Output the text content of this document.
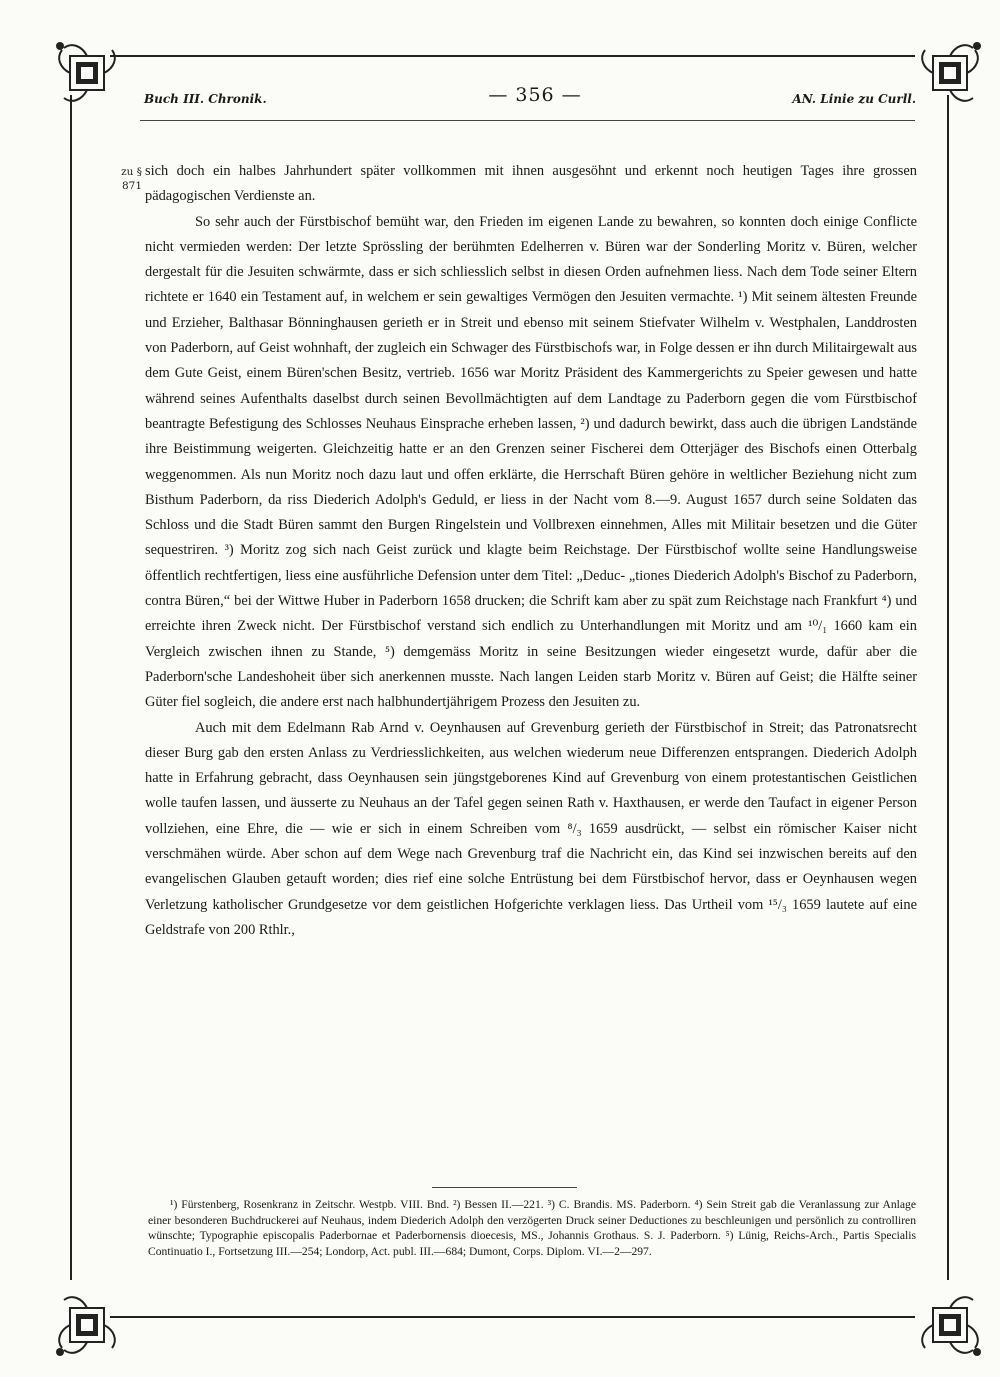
Buch III. Chronik.	— 356 —	AN. Linie zu Curll.
zu § 871

sich doch ein halbes Jahrhundert später vollkommen mit ihnen ausgesöhnt und erkennt noch heutigen Tages ihre grossen pädagogischen Verdienste an.

So sehr auch der Fürstbischof bemüht war, den Frieden im eigenen Lande zu bewahren, so konnten doch einige Conflicte nicht vermieden werden: Der letzte Sprössling der berühmten Edelherren v. Büren war der Sonderling Moritz v. Büren, welcher dergestalt für die Jesuiten schwärmte, dass er sich schliesslich selbst in diesen Orden aufnehmen liess. Nach dem Tode seiner Eltern richtete er 1640 ein Testament auf, in welchem er sein gewaltiges Vermögen den Jesuiten vermachte. ¹) Mit seinem ältesten Freunde und Erzieher, Balthasar Bönninghausen gerieth er in Streit und ebenso mit seinem Stiefvater Wilhelm v. Westphalen, Landdrosten von Paderborn, auf Geist wohnhaft, der zugleich ein Schwager des Fürstbischofs war, in Folge dessen er ihn durch Militairgewalt aus dem Gute Geist, einem Büren'schen Besitz, vertrieb. 1656 war Moritz Präsident des Kammergerichts zu Speier gewesen und hatte während seines Aufenthalts daselbst durch seinen Bevollmächtigten auf dem Landtage zu Paderborn gegen die vom Fürstbischof beantragte Befestigung des Schlosses Neuhaus Einsprache erheben lassen, ²) und dadurch bewirkt, dass auch die übrigen Landstände ihre Beistimmung weigerten. Gleichzeitig hatte er an den Grenzen seiner Fischerei dem Otterjäger des Bischofs einen Otterbalg weggenommen. Als nun Moritz noch dazu laut und offen erklärte, die Herrschaft Büren gehöre in weltlicher Beziehung nicht zum Bisthum Paderborn, da riss Diederich Adolph's Geduld, er liess in der Nacht vom 8.—9. August 1657 durch seine Soldaten das Schloss und die Stadt Büren sammt den Burgen Ringelstein und Vollbrexen einnehmen, Alles mit Militair besetzen und die Güter sequestriren. ³) Moritz zog sich nach Geist zurück und klagte beim Reichstage. Der Fürstbischof wollte seine Handlungsweise öffentlich rechtfertigen, liess eine ausführliche Defension unter dem Titel: „Deduc- „tiones Diederich Adolph's Bischof zu Paderborn, contra Büren,“ bei der Wittwe Huber in Paderborn 1658 drucken; die Schrift kam aber zu spät zum Reichstage nach Frankfurt ⁴) und erreichte ihren Zweck nicht. Der Fürstbischof verstand sich endlich zu Unterhandlungen mit Moritz und am ¹⁰/₁ 1660 kam ein Vergleich zwischen ihnen zu Stande, ⁵) demgemäss Moritz in seine Besitzungen wieder eingesetzt wurde, dafür aber die Paderborn'sche Landeshoheit über sich anerkennen musste. Nach langen Leiden starb Moritz v. Büren auf Geist; die Hälfte seiner Güter fiel sogleich, die andere erst nach halbhundertjährigem Prozess den Jesuiten zu.

Auch mit dem Edelmann Rab Arnd v. Oeynhausen auf Grevenburg gerieth der Fürstbischof in Streit; das Patronatsrecht dieser Burg gab den ersten Anlass zu Verdriesslichkeiten, aus welchen wiederum neue Differenzen entsprangen. Diederich Adolph hatte in Erfahrung gebracht, dass Oeynhausen sein jüngstgeborenes Kind auf Grevenburg von einem protestantischen Geistlichen wolle taufen lassen, und äusserte zu Neuhaus an der Tafel gegen seinen Rath v. Haxthausen, er werde den Taufact in eigener Person vollziehen, eine Ehre, die — wie er sich in einem Schreiben vom ⁸/₃ 1659 ausdrückt, — selbst ein römischer Kaiser nicht verschmähen würde. Aber schon auf dem Wege nach Grevenburg traf die Nachricht ein, das Kind sei inzwischen bereits auf den evangelischen Glauben getauft worden; dies rief eine solche Entrüstung bei dem Fürstbischof hervor, dass er Oeynhausen wegen Verletzung katholischer Grundgesetze vor dem geistlichen Hofgerichte verklagen liess. Das Urtheil vom ¹⁵/₃ 1659 lautete auf eine Geldstrafe von 200 Rthlr.,

¹) Fürstenberg, Rosenkranz in Zeitschr. Westpb. VIII. Bnd. ²) Bessen II.—221. ³) C. Brandis. MS. Paderborn. ⁴) Sein Streit gab die Veranlassung zur Anlage einer besonderen Buchdruckerei auf Neuhaus, indem Diederich Adolph den verzögerten Druck seiner Deductiones zu beschleunigen und persönlich zu controlliren wünschte; Typographie episcopalis Paderbornae et Paderbornensis dioecesis, MS., Johannis Grothaus. S. J. Paderborn. ⁵) Lünig, Reichs-Arch., Partis Specialis Continuatio I., Fortsetzung III.—254; Londorp, Act. publ. III.—684; Dumont, Corps. Diplom. VI.—2—297.
